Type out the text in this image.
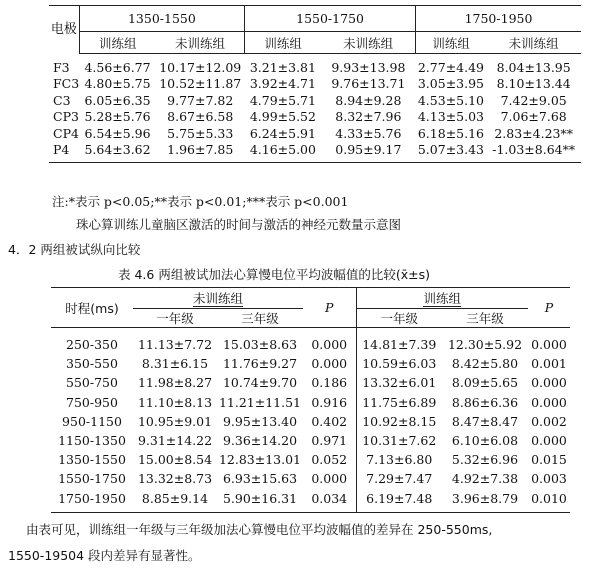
电极	1350-1550		1550-1750		1750-1950	
	训练组	未训练组	训练组	未训练组	训练组	未训练组
F3	4.56±6.77	10.17±12.09	3.21±3.81	9.93±13.98	2.77±4.49	8.04±13.95
FC3	4.80±5.75	10.52±11.87	3.92±4.71	9.76±13.71	3.05±3.95	8.10±13.44
C3	6.05±6.35	9.77±7.82	4.79±5.71	8.94±9.28	4.53±5.10	7.42±9.05
CP3	5.28±5.76	8.67±6.58	4.99±5.52	8.32±7.96	4.13±5.03	7.06±7.68
CP4	6.54±5.96	5.75±5.33	6.24±5.91	4.33±5.76	6.18±5.16	2.83±4.23**
P4	5.64±3.62	1.96±7.85	4.16±5.00	0.95±9.17	5.07±3.43	-1.03±8.64**
注:*表示 p<0.05;**表示 p<0.01;***表示 p<0.001
珠心算训练儿童脑区激活的时间与激活的神经元数量示意图
4．2 两组被试纵向比较
表 4.6 两组被试加法心算慢电位平均波幅值的比较(x̄±s)
时程(ms)	未训练组		P	训练组		P
	一年级	三年级		一年级	三年级	
250-350	11.13±7.72	15.03±8.63	0.000	14.81±7.39	12.30±5.92	0.000
350-550	8.31±6.15	11.76±9.27	0.000	10.59±6.03	8.42±5.80	0.001
550-750	11.98±8.27	10.74±9.70	0.186	13.32±6.01	8.09±5.65	0.000
750-950	11.10±8.13	11.21±11.51	0.916	11.75±6.89	8.86±6.36	0.000
950-1150	10.95±9.01	9.95±13.40	0.402	10.92±8.15	8.47±8.47	0.002
1150-1350	9.31±14.22	9.36±14.20	0.971	10.31±7.62	6.10±6.08	0.000
1350-1550	15.00±8.54	12.83±13.01	0.052	7.13±6.80	5.32±6.96	0.015
1550-1750	13.32±8.73	6.93±15.63	0.000	7.29±7.47	4.92±7.38	0.003
1750-1950	8.85±9.14	5.90±16.31	0.034	6.19±7.48	3.96±8.79	0.010
由表可见，训练组一年级与三年级加法心算慢电位平均波幅值的差异在 250-550ms,
1550-19504 段内差异有显著性。
